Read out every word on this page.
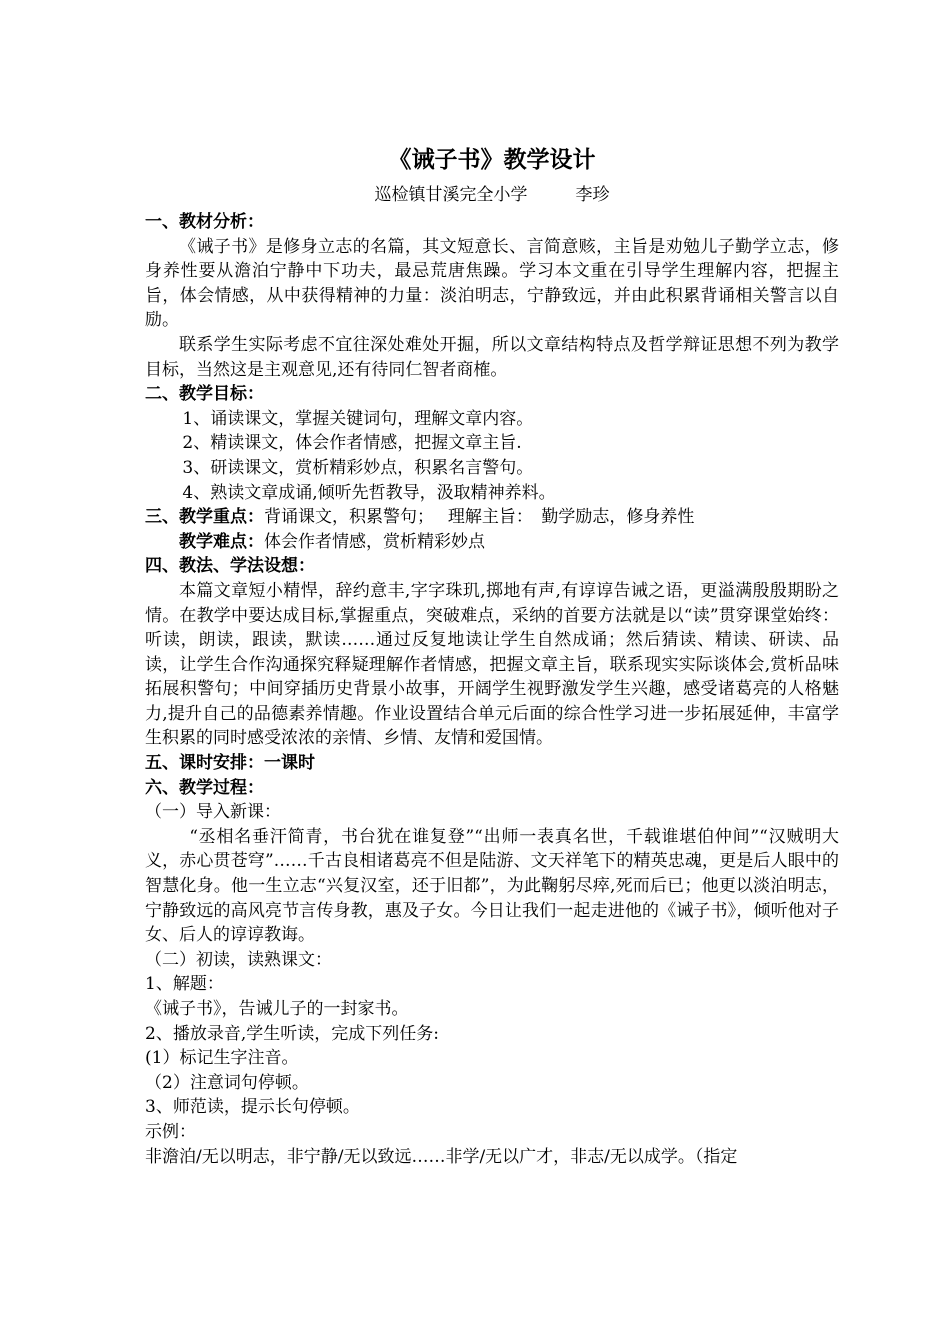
《诫子书》教学设计
巡检镇甘溪完全小学	李珍
一、教材分析：
《诫子书》是修身立志的名篇，其文短意长、言简意赅，主旨是劝勉儿子勤学立志，修身养性要从澹泊宁静中下功夫，最忌荒唐焦躁。学习本文重在引导学生理解内容，把握主旨，体会情感，从中获得精神的力量：淡泊明志，宁静致远，并由此积累背诵相关警言以自励。
联系学生实际考虑不宜往深处难处开掘，所以文章结构特点及哲学辩证思想不列为教学目标，当然这是主观意见,还有待同仁智者商榷。
二、教学目标：
1、诵读课文，掌握关键词句，理解文章内容。
2、精读课文，体会作者情感，把握文章主旨.
3、研读课文，赏析精彩妙点，积累名言警句。
4、熟读文章成诵,倾听先哲教导，汲取精神养料。
三、教学重点：背诵课文，积累警句；　 理解主旨：　勤学励志，修身养性
教学难点：体会作者情感，赏析精彩妙点
四、教法、学法设想：
本篇文章短小精悍，辞约意丰,字字珠玑,掷地有声,有谆谆告诫之语，更溢满殷殷期盼之情。在教学中要达成目标,掌握重点，突破难点，采纳的首要方法就是以“读”贯穿课堂始终：听读，朗读，跟读，默读……通过反复地读让学生自然成诵；然后猜读、精读、研读、品读，让学生合作沟通探究释疑理解作者情感，把握文章主旨，联系现实实际谈体会,赏析品味拓展积警句；中间穿插历史背景小故事，开阔学生视野激发学生兴趣，感受诸葛亮的人格魅力,提升自己的品德素养情趣。作业设置结合单元后面的综合性学习进一步拓展延伸，丰富学生积累的同时感受浓浓的亲情、乡情、友情和爱国情。
五、课时安排：一课时
六、教学过程：
（一）导入新课：
“丞相名垂汗简青，书台犹在谁复登”“出师一表真名世，千载谁堪伯仲间”“汉贼明大义，赤心贯苍穹”……千古良相诸葛亮不但是陆游、文天祥笔下的精英忠魂，更是后人眼中的智慧化身。他一生立志“兴复汉室，还于旧都”，为此鞠躬尽瘁,死而后已；他更以淡泊明志，宁静致远的高风亮节言传身教，惠及子女。今日让我们一起走进他的《诫子书》，倾听他对子女、后人的谆谆教诲。
（二）初读，读熟课文：
1、解题：
《诫子书》，告诫儿子的一封家书。
2、播放录音,学生听读，完成下列任务:
(1）标记生字注音。
（2）注意词句停顿。
3、师范读，提示长句停顿。
示例：
非澹泊/无以明志，非宁静/无以致远……非学/无以广才，非志/无以成学。（指定
